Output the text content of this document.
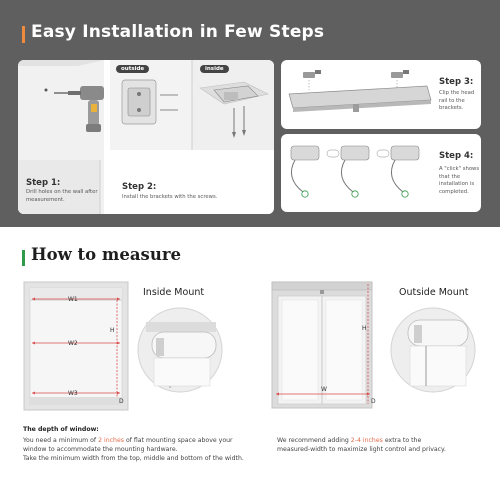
Easy Installation in Few Steps
Step 1:
Drill holes on the wall after
measurement.
outside	inside
Step 2:
Install the brackets with the screws.
Step 3:
Clip the head
rail to the
brackets.
Step 4:
A "click" shows
that the
installation is
completed.
How to measure
W1
W2
W3
H
D
Inside Mount
W
H
D
Outside Mount
The depth of window:
You need a minimum of 2 inches of flat mounting space above your
window to accommodate the mounting hardware.
Take the minimum width from the top, middle and bottom of the width.
We recommend adding 2-4 inches extra to the
measured-width to maximize light control and privacy.
